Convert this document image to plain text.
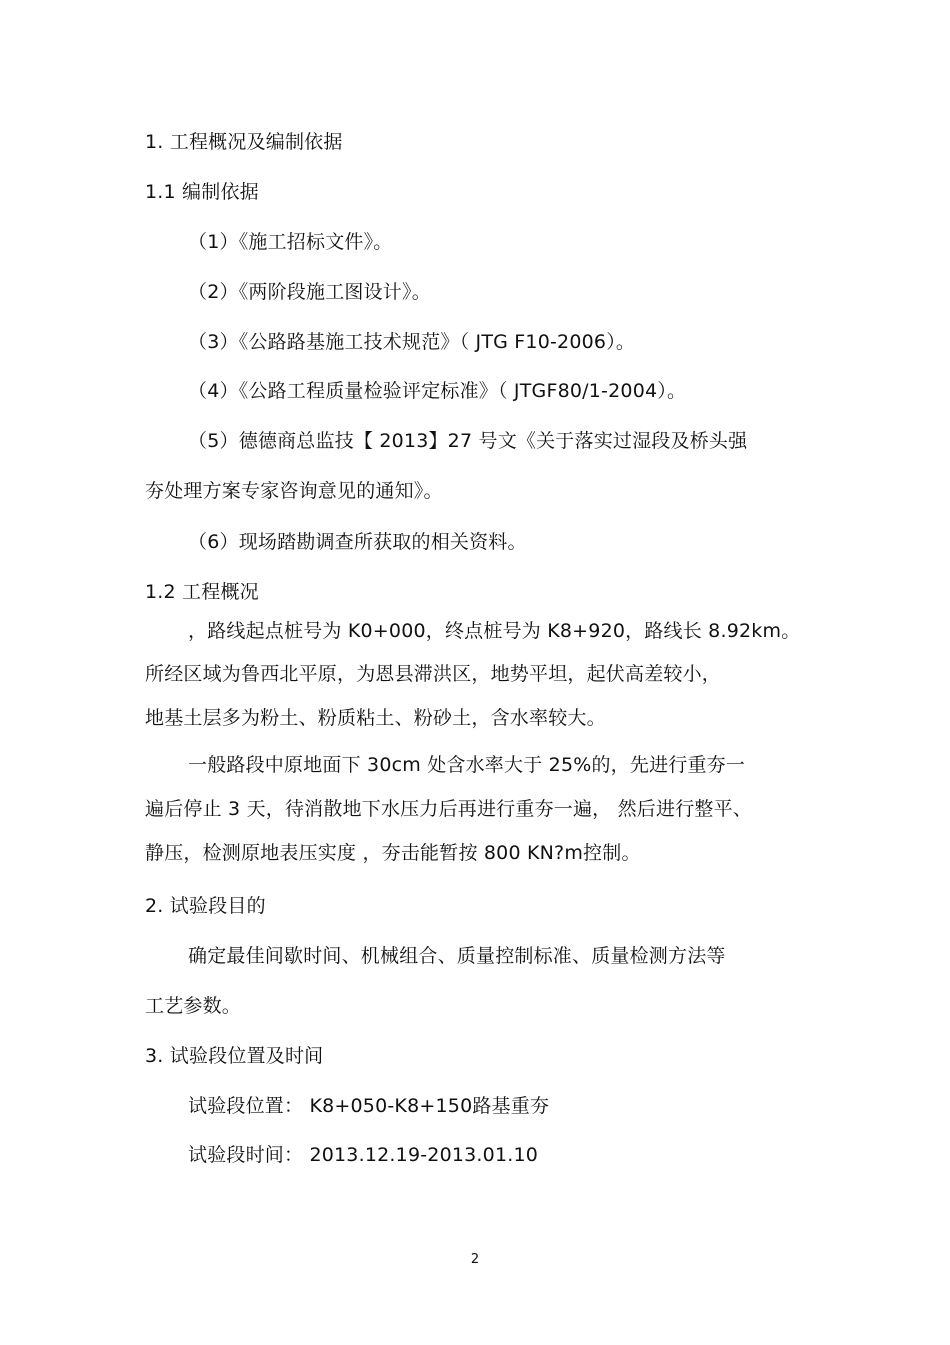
1. 工程概况及编制依据
1.1 编制依据
（1）《施工招标文件》。
（2）《两阶段施工图设计》。
（3）《公路路基施工技术规范》（ JTG F10-2006）。
（4）《公路工程质量检验评定标准》（ JTGF80/1-2004）。
（5）德德商总监技【 2013】27 号文《关于落实过湿段及桥头强
夯处理方案专家咨询意见的通知》。
（6）现场踏勘调查所获取的相关资料。
1.2 工程概况
，路线起点桩号为 K0+000，终点桩号为 K8+920，路线长 8.92km。
所经区域为鲁西北平原，为恩县滞洪区，地势平坦，起伏高差较小，
地基土层多为粉土、粉质粘土、粉砂土，含水率较大。
一般路段中原地面下 30cm 处含水率大于 25%的，先进行重夯一
遍后停止 3 天，待消散地下水压力后再进行重夯一遍， 然后进行整平、
静压，检测原地表压实度 ，夯击能暂按 800 KN?m控制。
2. 试验段目的
确定最佳间歇时间、机械组合、质量控制标准、质量检测方法等
工艺参数。
3. 试验段位置及时间
试验段位置： K8+050-K8+150路基重夯
试验段时间： 2013.12.19-2013.01.10
2
